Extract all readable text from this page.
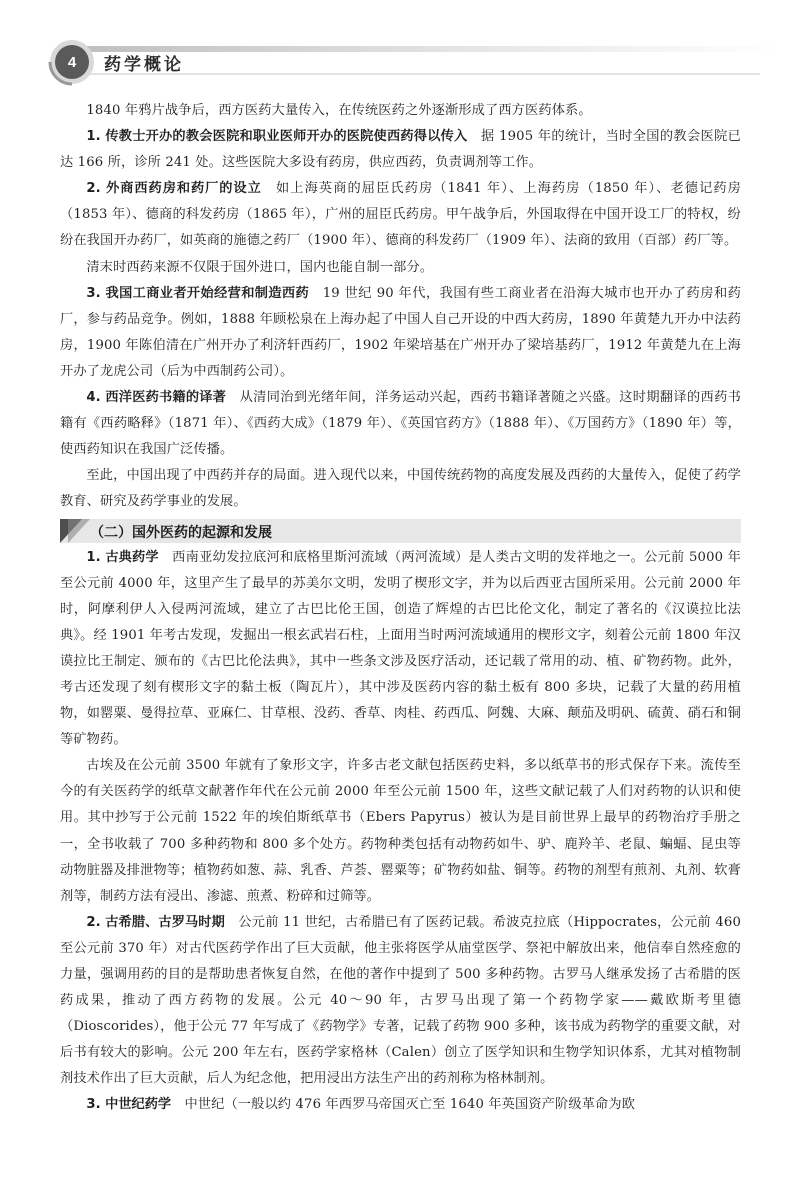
4	药学概论

1840 年鸦片战争后，西方医药大量传入，在传统医药之外逐渐形成了西方医药体系。

1. 传教士开办的教会医院和职业医师开办的医院使西药得以传入　据 1905 年的统计，当时全国的教会医院已达 166 所，诊所 241 处。这些医院大多设有药房，供应西药，负责调剂等工作。

2. 外商西药房和药厂的设立　如上海英商的屈臣氏药房（1841 年）、上海药房（1850 年）、老德记药房（1853 年）、德商的科发药房（1865 年），广州的屈臣氏药房。甲午战争后，外国取得在中国开设工厂的特权，纷纷在我国开办药厂，如英商的施德之药厂（1900 年）、德商的科发药厂（1909 年）、法商的致用（百部）药厂等。

清末时西药来源不仅限于国外进口，国内也能自制一部分。

3. 我国工商业者开始经营和制造西药　19 世纪 90 年代，我国有些工商业者在沿海大城市也开办了药房和药厂，参与药品竞争。例如，1888 年顾松泉在上海办起了中国人自己开设的中西大药房，1890 年黄楚九开办中法药房，1900 年陈伯清在广州开办了利济轩西药厂，1902 年梁培基在广州开办了梁培基药厂，1912 年黄楚九在上海开办了龙虎公司（后为中西制药公司）。

4. 西洋医药书籍的译著　从清同治到光绪年间，洋务运动兴起，西药书籍译著随之兴盛。这时期翻译的西药书籍有《西药略释》（1871 年）、《西药大成》（1879 年）、《英国官药方》（1888 年）、《万国药方》（1890 年）等，使西药知识在我国广泛传播。

至此，中国出现了中西药并存的局面。进入现代以来，中国传统药物的高度发展及西药的大量传入，促使了药学教育、研究及药学事业的发展。

（二）国外医药的起源和发展

1. 古典药学　西南亚幼发拉底河和底格里斯河流域（两河流域）是人类古文明的发祥地之一。公元前 5000 年至公元前 4000 年，这里产生了最早的苏美尔文明，发明了楔形文字，并为以后西亚古国所采用。公元前 2000 年时，阿摩利伊人入侵两河流域，建立了古巴比伦王国，创造了辉煌的古巴比伦文化，制定了著名的《汉谟拉比法典》。经 1901 年考古发现，发掘出一根玄武岩石柱，上面用当时两河流域通用的楔形文字，刻着公元前 1800 年汉谟拉比王制定、颁布的《古巴比伦法典》，其中一些条文涉及医疗活动，还记载了常用的动、植、矿物药物。此外，考古还发现了刻有楔形文字的黏土板（陶瓦片），其中涉及医药内容的黏土板有 800 多块，记载了大量的药用植物，如罂粟、曼得拉草、亚麻仁、甘草根、没药、香草、肉桂、药西瓜、阿魏、大麻、颠茄及明矾、硫黄、硝石和铜等矿物药。

古埃及在公元前 3500 年就有了象形文字，许多古老文献包括医药史料，多以纸草书的形式保存下来。流传至今的有关医药学的纸草文献著作年代在公元前 2000 年至公元前 1500 年，这些文献记载了人们对药物的认识和使用。其中抄写于公元前 1522 年的埃伯斯纸草书（Ebers Papyrus）被认为是目前世界上最早的药物治疗手册之一，全书收载了 700 多种药物和 800 多个处方。药物种类包括有动物药如牛、驴、鹿羚羊、老鼠、蝙蝠、昆虫等动物脏器及排泄物等；植物药如葱、蒜、乳香、芦荟、罂粟等；矿物药如盐、铜等。药物的剂型有煎剂、丸剂、软膏剂等，制药方法有浸出、渗滤、煎煮、粉碎和过筛等。

2. 古希腊、古罗马时期　公元前 11 世纪，古希腊已有了医药记载。希波克拉底（Hippocrates，公元前 460 至公元前 370 年）对古代医药学作出了巨大贡献，他主张将医学从庙堂医学、祭祀中解放出来，他信奉自然痊愈的力量，强调用药的目的是帮助患者恢复自然，在他的著作中提到了 500 多种药物。古罗马人继承发扬了古希腊的医药成果，推动了西方药物的发展。公元 40～90 年，古罗马出现了第一个药物学家——戴欧斯考里德（Dioscorides），他于公元 77 年写成了《药物学》专著，记载了药物 900 多种，该书成为药物学的重要文献，对后书有较大的影响。公元 200 年左右，医药学家格林（Calen）创立了医学知识和生物学知识体系，尤其对植物制剂技术作出了巨大贡献，后人为纪念他，把用浸出方法生产出的药剂称为格林制剂。

3. 中世纪药学　中世纪（一般以约 476 年西罗马帝国灭亡至 1640 年英国资产阶级革命为欧
